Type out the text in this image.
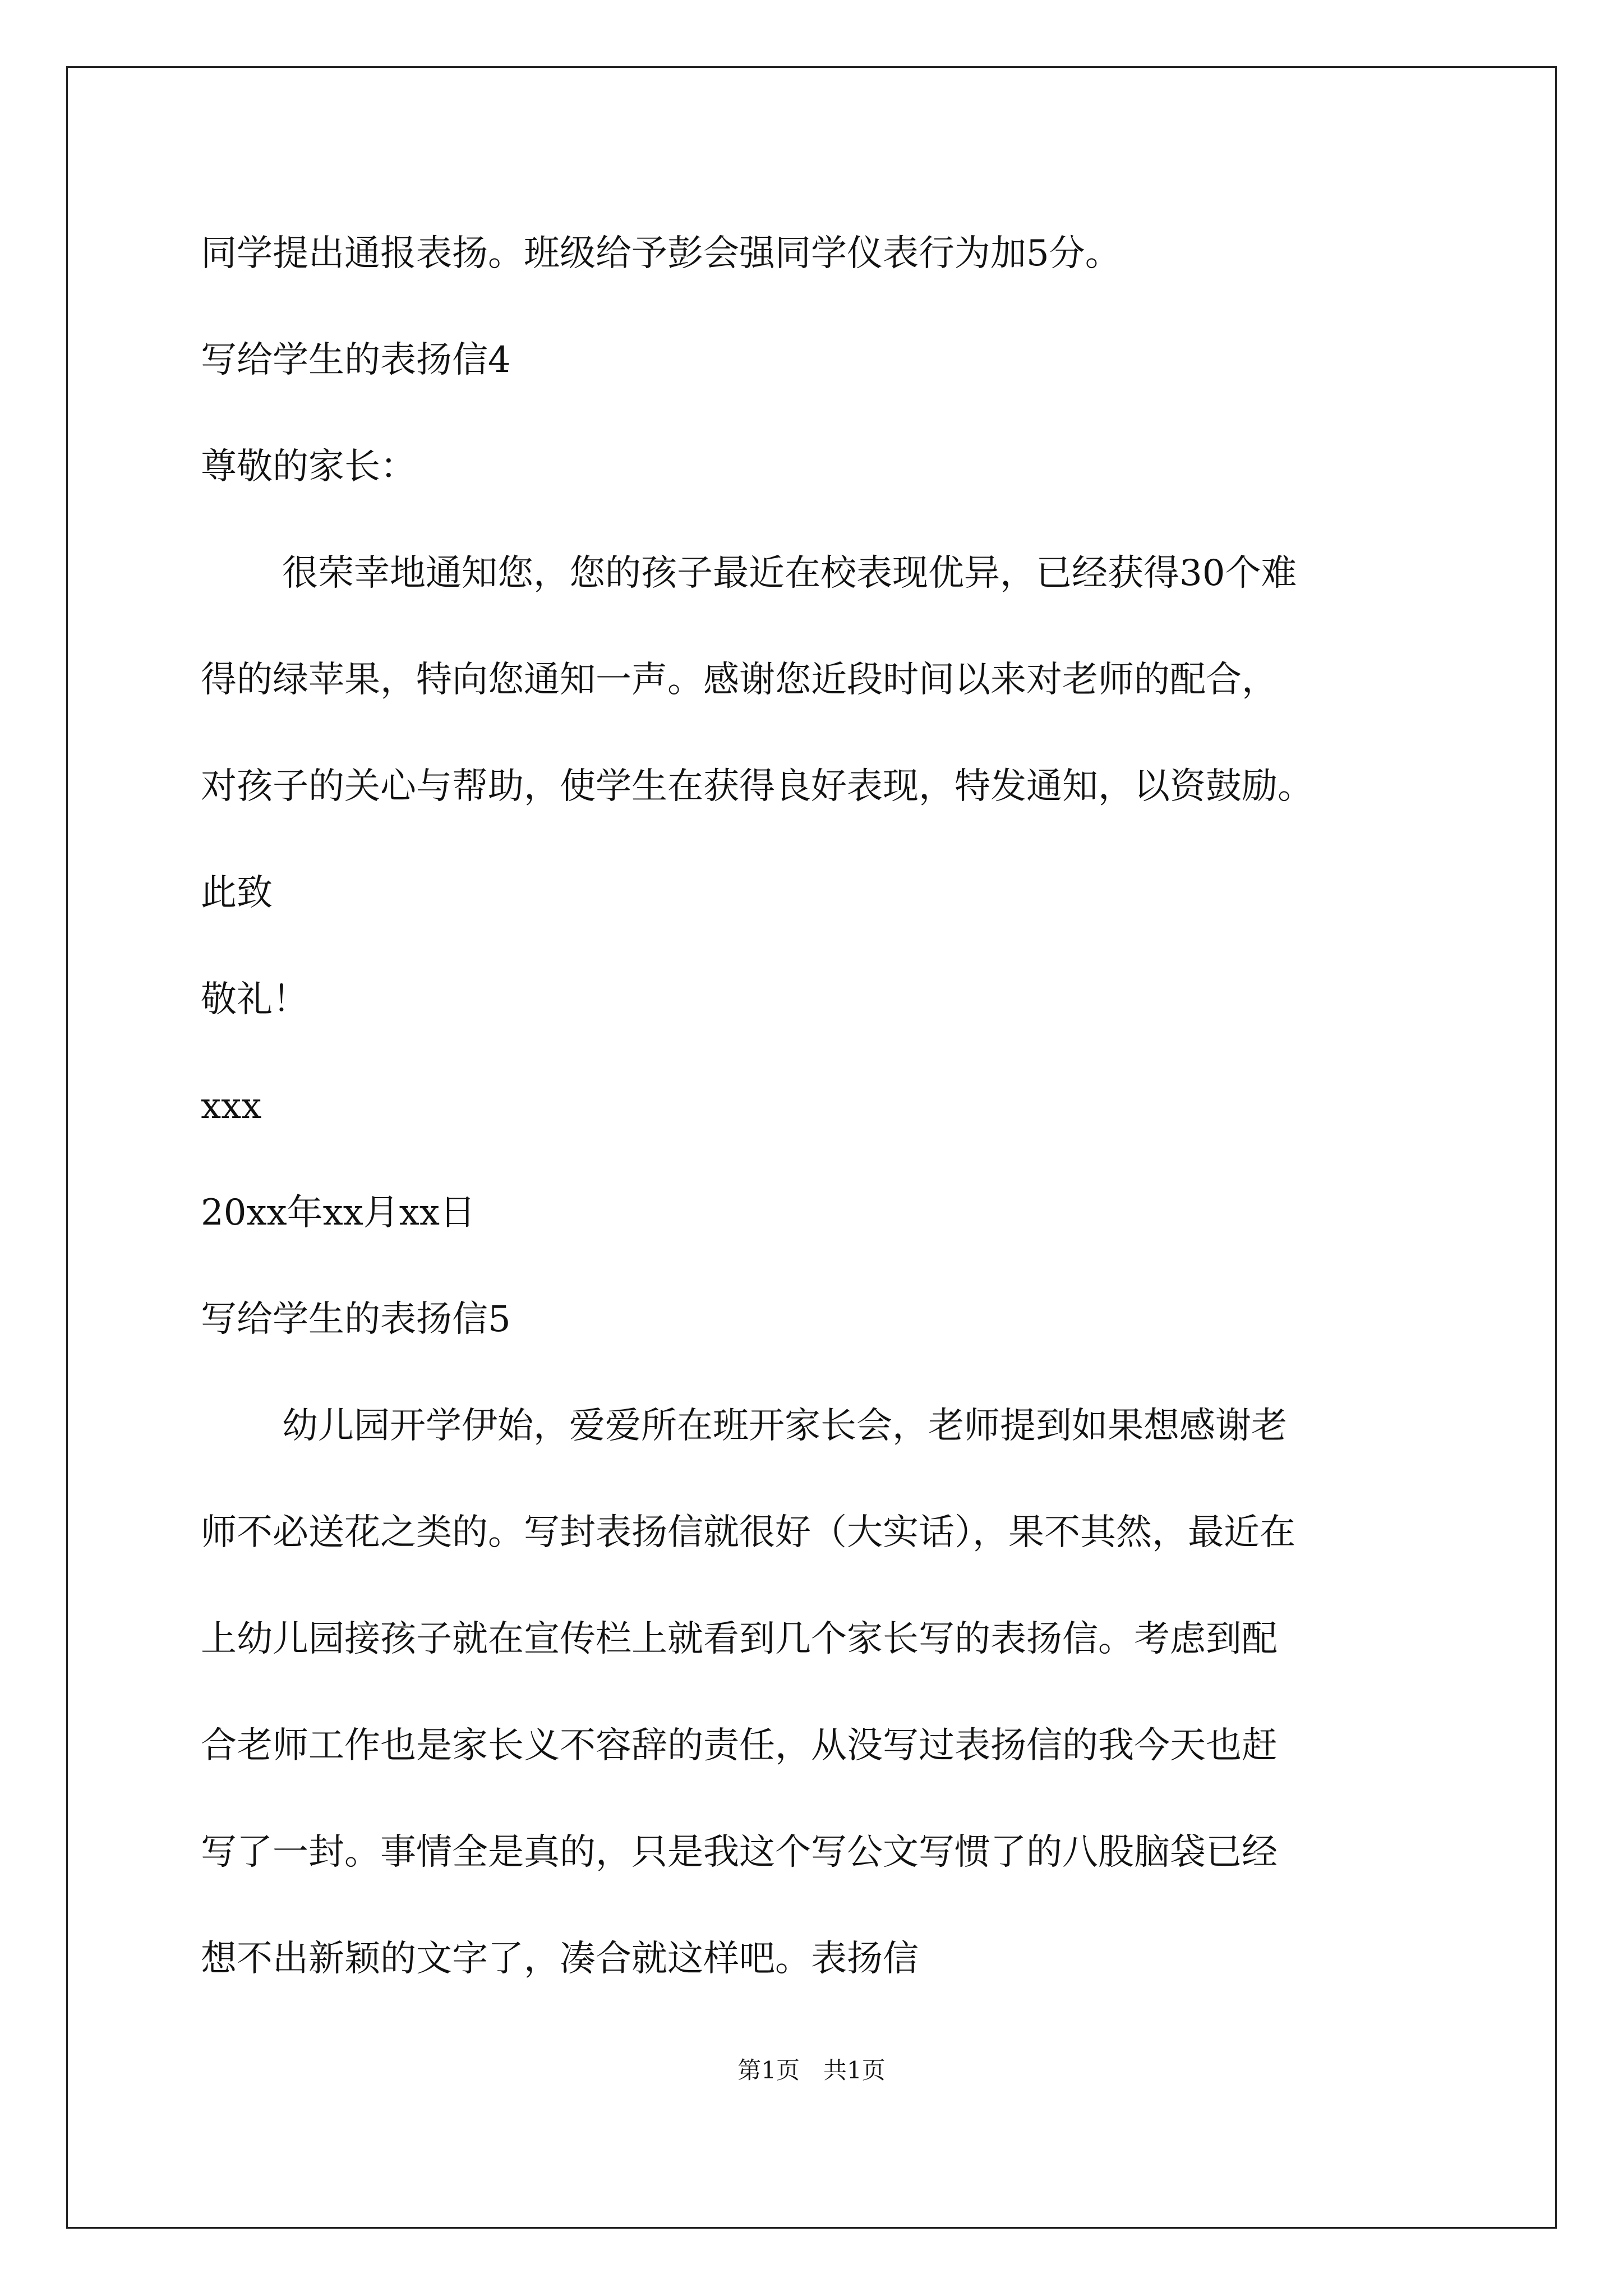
同学提出通报表扬。班级给予彭会强同学仪表行为加5分。
写给学生的表扬信4
尊敬的家长：
很荣幸地通知您，您的孩子最近在校表现优异，已经获得30个难
得的绿苹果，特向您通知一声。感谢您近段时间以来对老师的配合，
对孩子的关心与帮助，使学生在获得良好表现，特发通知，以资鼓励。
此致
敬礼！
xxx
20xx年xx月xx日
写给学生的表扬信5
幼儿园开学伊始，爱爱所在班开家长会，老师提到如果想感谢老
师不必送花之类的。写封表扬信就很好（大实话），果不其然，最近在
上幼儿园接孩子就在宣传栏上就看到几个家长写的表扬信。考虑到配
合老师工作也是家长义不容辞的责任，从没写过表扬信的我今天也赶
写了一封。事情全是真的，只是我这个写公文写惯了的八股脑袋已经
想不出新颖的文字了，凑合就这样吧。表扬信
第1页　共1页
